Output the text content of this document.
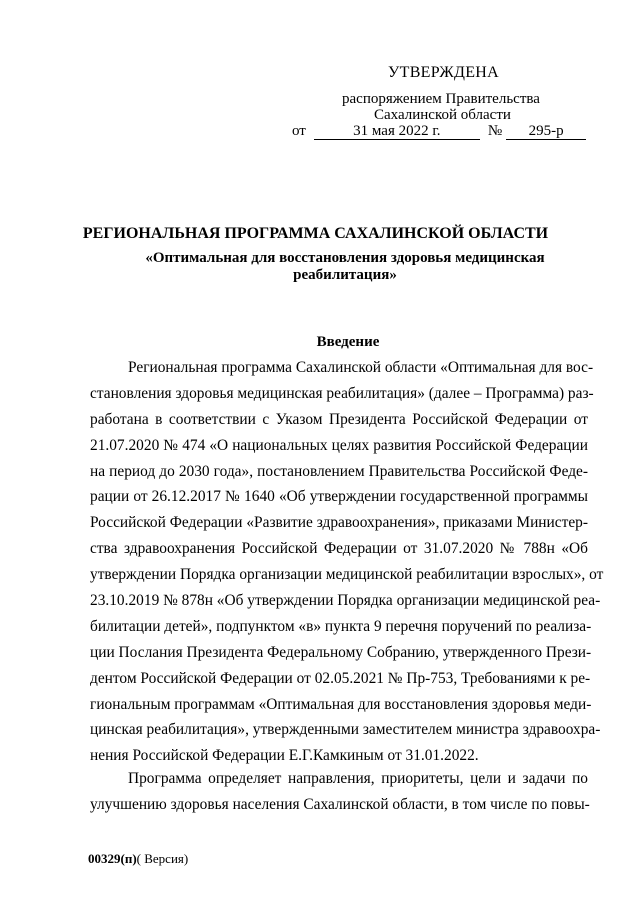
УТВЕРЖДЕНА
распоряжением Правительства
Сахалинской области
от	31 мая 2022 г.	№ 295-р
РЕГИОНАЛЬНАЯ ПРОГРАММА САХАЛИНСКОЙ ОБЛАСТИ
«Оптимальная для восстановления здоровья медицинская реабилитация»
Введение
Региональная программа Сахалинской области «Оптимальная для вос-
становления здоровья медицинская реабилитация» (далее – Программа) раз-
работана в соответствии с Указом Президента Российской Федерации от
21.07.2020 № 474 «О национальных целях развития Российской Федерации
на период до 2030 года», постановлением Правительства Российской Феде-
рации от 26.12.2017 № 1640 «Об утверждении государственной программы
Российской Федерации «Развитие здравоохранения», приказами Министер-
ства здравоохранения Российской Федерации от 31.07.2020 № 788н «Об
утверждении Порядка организации медицинской реабилитации взрослых», от
23.10.2019 № 878н «Об утверждении Порядка организации медицинской реа-
билитации детей», подпунктом «в» пункта 9 перечня поручений по реализа-
ции Послания Президента Федеральному Собранию, утвержденного Прези-
дентом Российской Федерации от 02.05.2021 № Пр-753, Требованиями к ре-
гиональным программам «Оптимальная для восстановления здоровья меди-
цинская реабилитация», утвержденными заместителем министра здравоохра-
нения Российской Федерации Е.Г.Камкиным от 31.01.2022.
Программа определяет направления, приоритеты, цели и задачи по
улучшению здоровья населения Сахалинской области, в том числе по повы-
00329(п)( Версия)
